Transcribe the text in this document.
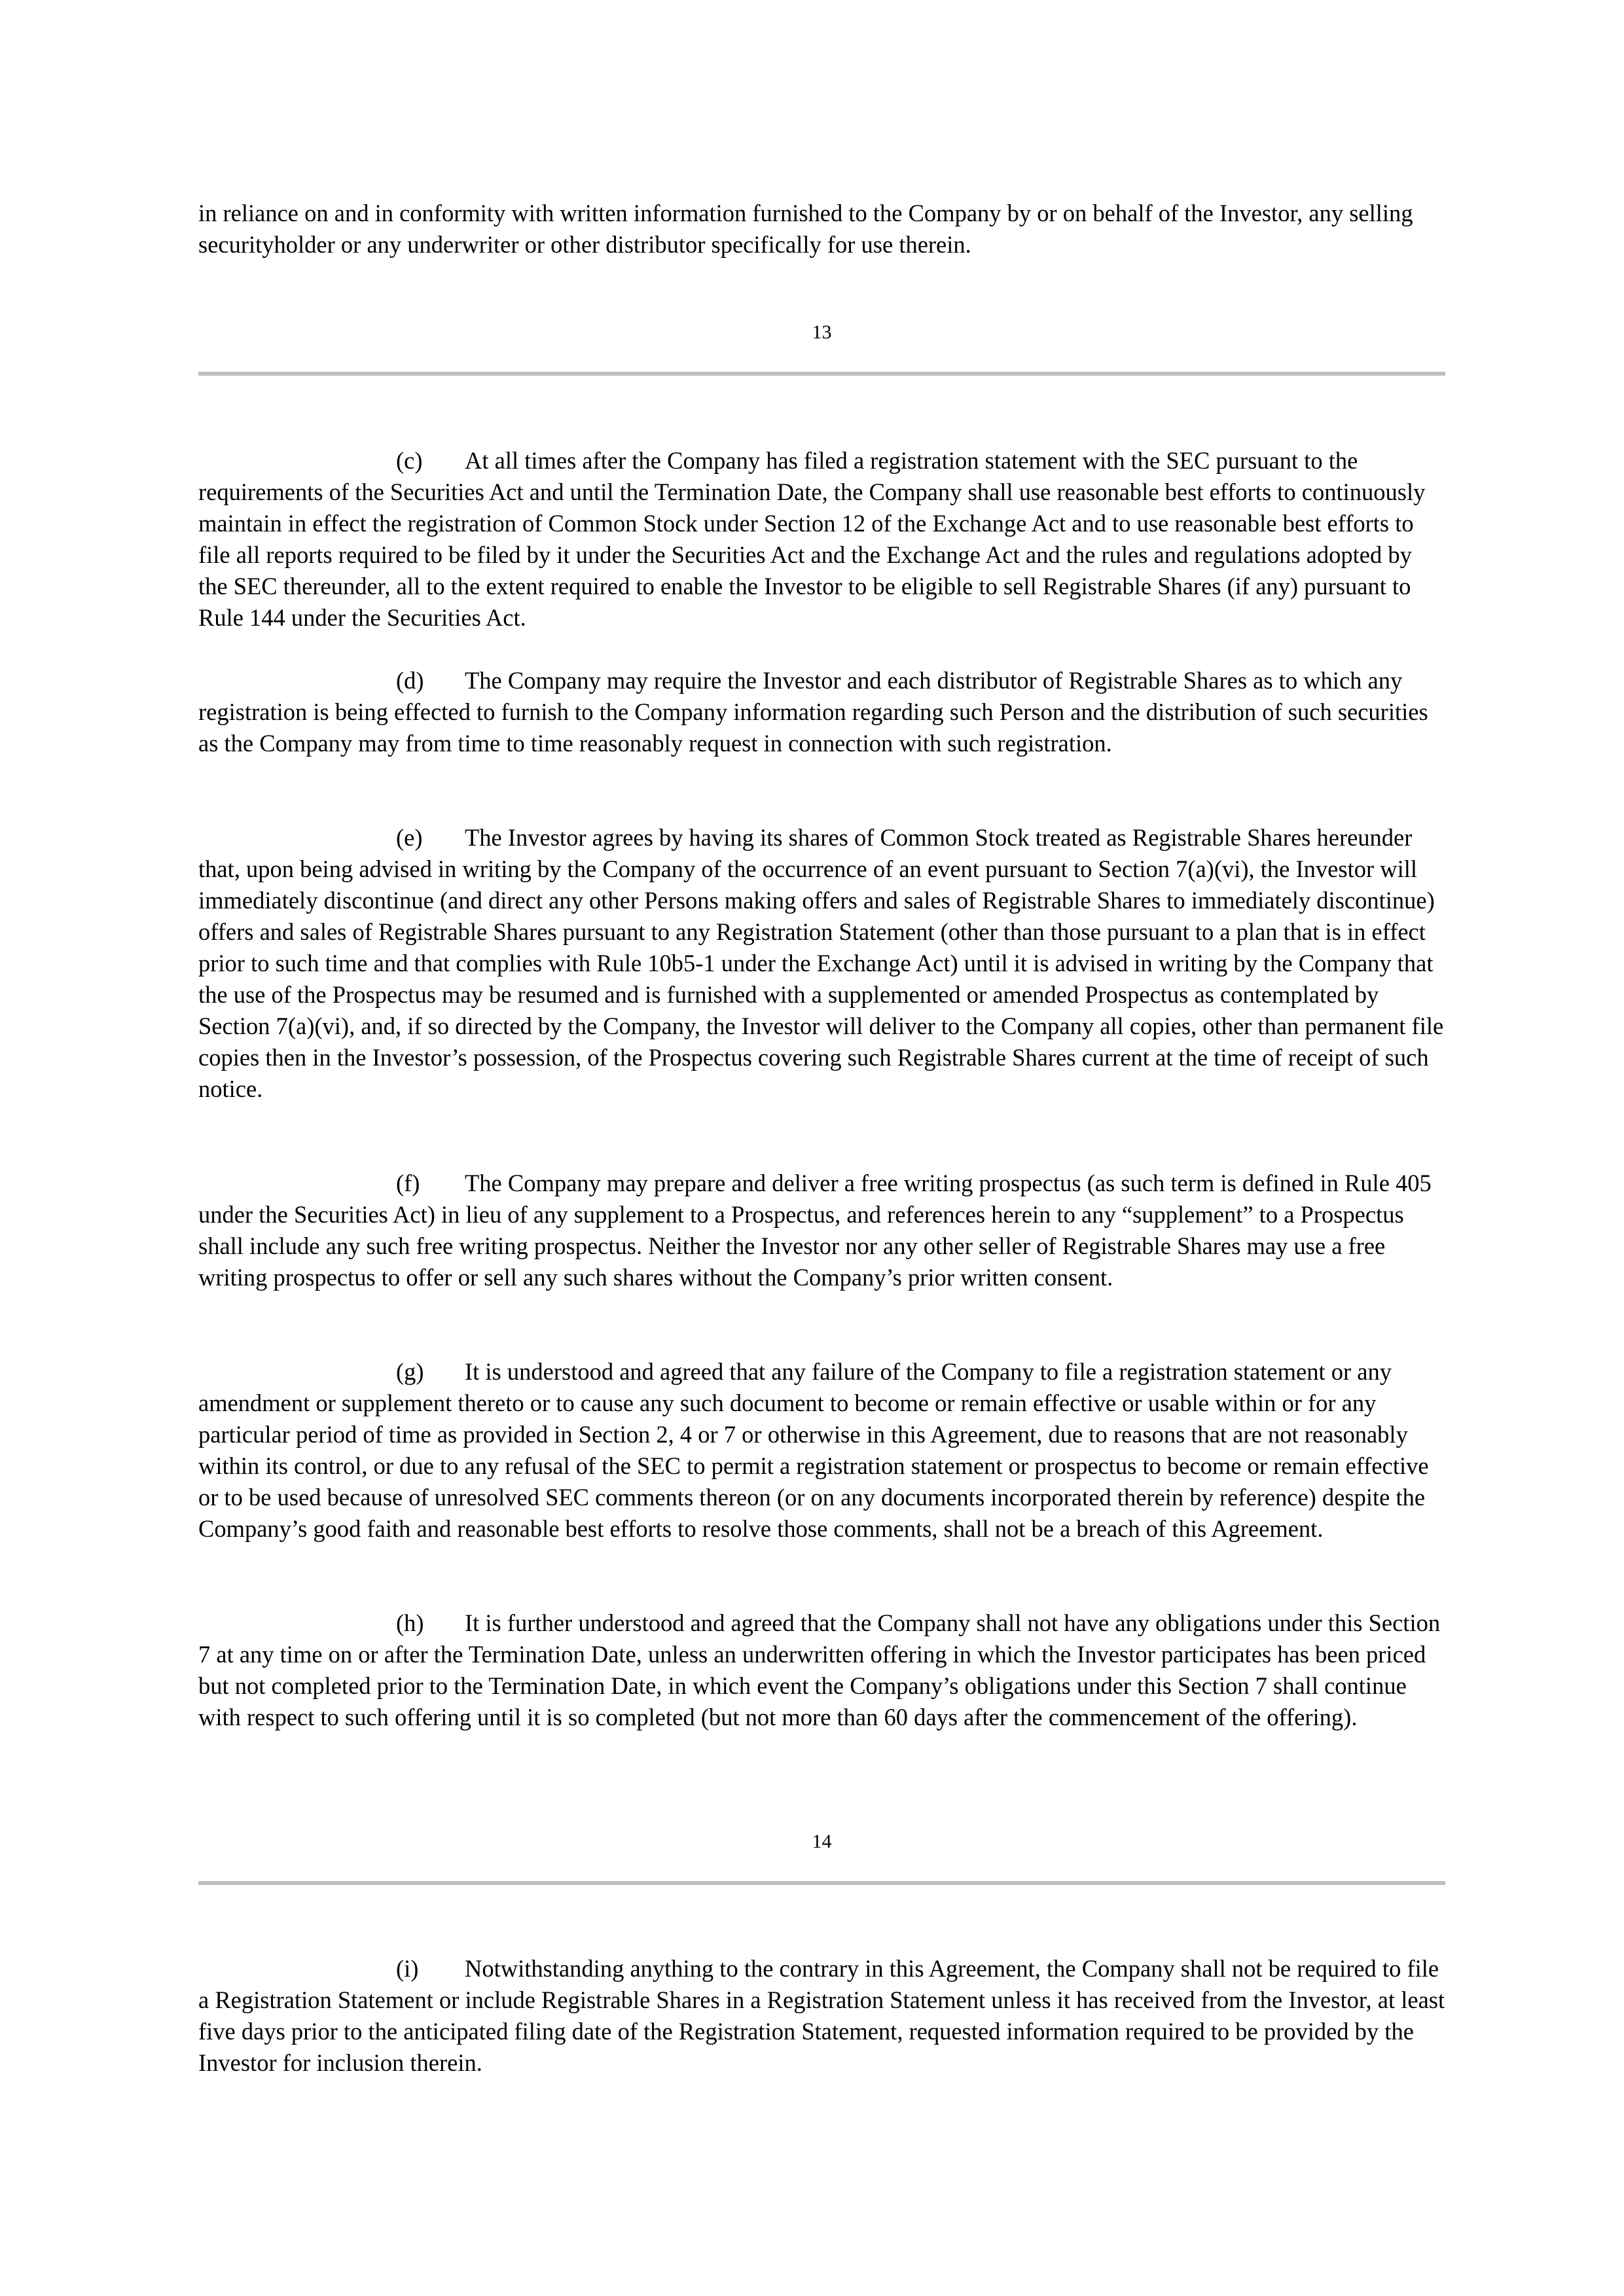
in reliance on and in conformity with written information furnished to the Company by or on behalf of the Investor, any selling securityholder or any underwriter or other distributor specifically for use therein.

13

(c) At all times after the Company has filed a registration statement with the SEC pursuant to the requirements of the Securities Act and until the Termination Date, the Company shall use reasonable best efforts to continuously maintain in effect the registration of Common Stock under Section 12 of the Exchange Act and to use reasonable best efforts to file all reports required to be filed by it under the Securities Act and the Exchange Act and the rules and regulations adopted by the SEC thereunder, all to the extent required to enable the Investor to be eligible to sell Registrable Shares (if any) pursuant to Rule 144 under the Securities Act.

(d) The Company may require the Investor and each distributor of Registrable Shares as to which any registration is being effected to furnish to the Company information regarding such Person and the distribution of such securities as the Company may from time to time reasonably request in connection with such registration.

(e) The Investor agrees by having its shares of Common Stock treated as Registrable Shares hereunder that, upon being advised in writing by the Company of the occurrence of an event pursuant to Section 7(a)(vi), the Investor will immediately discontinue (and direct any other Persons making offers and sales of Registrable Shares to immediately discontinue) offers and sales of Registrable Shares pursuant to any Registration Statement (other than those pursuant to a plan that is in effect prior to such time and that complies with Rule 10b5-1 under the Exchange Act) until it is advised in writing by the Company that the use of the Prospectus may be resumed and is furnished with a supplemented or amended Prospectus as contemplated by Section 7(a)(vi), and, if so directed by the Company, the Investor will deliver to the Company all copies, other than permanent file copies then in the Investor’s possession, of the Prospectus covering such Registrable Shares current at the time of receipt of such notice.

(f) The Company may prepare and deliver a free writing prospectus (as such term is defined in Rule 405 under the Securities Act) in lieu of any supplement to a Prospectus, and references herein to any “supplement” to a Prospectus shall include any such free writing prospectus. Neither the Investor nor any other seller of Registrable Shares may use a free writing prospectus to offer or sell any such shares without the Company’s prior written consent.

(g) It is understood and agreed that any failure of the Company to file a registration statement or any amendment or supplement thereto or to cause any such document to become or remain effective or usable within or for any particular period of time as provided in Section 2, 4 or 7 or otherwise in this Agreement, due to reasons that are not reasonably within its control, or due to any refusal of the SEC to permit a registration statement or prospectus to become or remain effective or to be used because of unresolved SEC comments thereon (or on any documents incorporated therein by reference) despite the Company’s good faith and reasonable best efforts to resolve those comments, shall not be a breach of this Agreement.

(h) It is further understood and agreed that the Company shall not have any obligations under this Section 7 at any time on or after the Termination Date, unless an underwritten offering in which the Investor participates has been priced but not completed prior to the Termination Date, in which event the Company’s obligations under this Section 7 shall continue with respect to such offering until it is so completed (but not more than 60 days after the commencement of the offering).

14

(i) Notwithstanding anything to the contrary in this Agreement, the Company shall not be required to file a Registration Statement or include Registrable Shares in a Registration Statement unless it has received from the Investor, at least five days prior to the anticipated filing date of the Registration Statement, requested information required to be provided by the Investor for inclusion therein.
